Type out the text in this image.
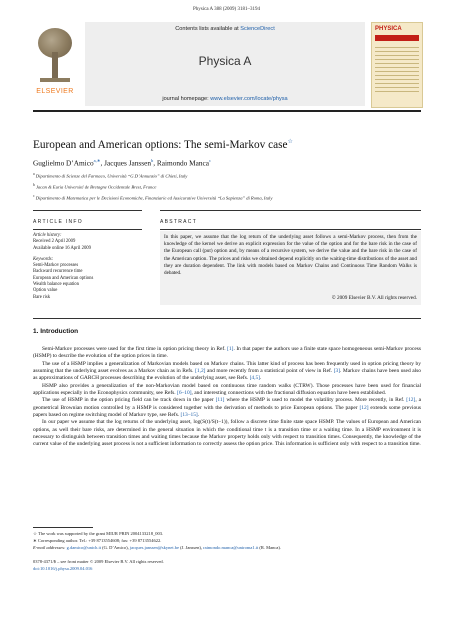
Physica A 388 (2009) 3181–3194
ELSEVIER
Contents lists available at ScienceDirect
Physica A
journal homepage: www.elsevier.com/locate/physa
PHYSICA
European and American options: The semi-Markov case☆
Guglielmo D’Amico$^{a,∗}$, Jacques Janssen$^b$, Raimondo Manca$^c$
$^a$ Dipartimento di Scienze del Farmaco, Università “G.D’Annunzio” di Chieti, Italy
$^b$ Jacan & Euria Université de Bretagne Occidentale Brest, France
$^c$ Dipartimento di Matematica per le Decisioni Economiche, Finanziarie ed Assicurative Università “La Sapienza” di Roma, Italy
ARTICLE INFO	ABSTRACT
Article history:
Received 2 April 2009
Available online 16 April 2009
Keywords:
Semi-Markov processes
Backward recurrence time
European and American options
Wealth balance equation
Option value
Bare risk
In this paper, we assume that the log return of the underlying asset follows a semi-Markov process, then from the knowledge of the kernel we derive an explicit expression for the value of the option and for the bare risk in the case of the European call (put) option and, by means of a recursive system, we derive the value and the bare risk in the case of the American option. The prices and risks we obtained depend explicitly on the waiting-time distributions of the asset and they are duration dependent. The link with models based on Markov Chains and Continuous Time Random Walks is debated.
© 2009 Elsevier B.V. All rights reserved.
1. Introduction

Semi-Markov processes were used for the first time in option pricing theory in Ref. [1]. In that paper the authors use a finite state space homogeneous semi-Markov process (HSMP) to describe the evolution of the option prices in time.

The use of a HSMP implies a generalization of Markovian models based on Markov chains. This latter kind of process has been frequently used in option pricing theory by assuming that the underlying asset evolves as a Markov chain as in Refs. [1,2] and more recently from a statistical point of view in Ref. [3]. Markov chains have been used also as approximations of GARCH processes describing the evolution of the underlying asset, see Refs. [4,5].

HSMP also provides a generalization of the non-Markovian model based on continuous time random walks (CTRW). Those processes have been used for financial applications especially in the Econophysics community, see Refs. [6–10], and interesting connections with the fractional diffusion equation have been established.

The use of HSMP in the option pricing field can be track down in the paper [11] where the HSMP is used to model the volatility process. More recently, in Ref. [12], a geometrical Brownian motion controlled by a HSMP is considered together with the derivation of methods to price European options. The paper [12] extends some previous papers based on regime switching model of Markov type, see Refs. [13–15].

In our paper we assume that the log returns of the underlying asset, log(S(t)/S(t−1)), follow a discrete time finite state space HSMP. The values of European and American options, as well their bare risks, are determined in the general situation in which the conditional time t is a transition time or a waiting time. In a HSMP environment it is necessary to distinguish between transition times and waiting times because the Markov property holds only with respect to transition times. Consequently, the knowledge of the current value of the underlying asset process is not a sufficient information to correctly assess the option price. This information is sufficient only with respect to a transition time.

☆ The work was supported by the grant MIUR PRIN 2004133218_003.
∗ Corresponding author. Tel.: +39 8713554608; fax: +39 8713554622.
E-mail addresses: g.damico@unich.it (G. D’Amico), jacques.janssen@skynet.be (J. Janssen), raimondo.manca@uniroma1.it (R. Manca).
0378-4371/$ – see front matter © 2009 Elsevier B.V. All rights reserved.
doi:10.1016/j.physa.2009.04.016
